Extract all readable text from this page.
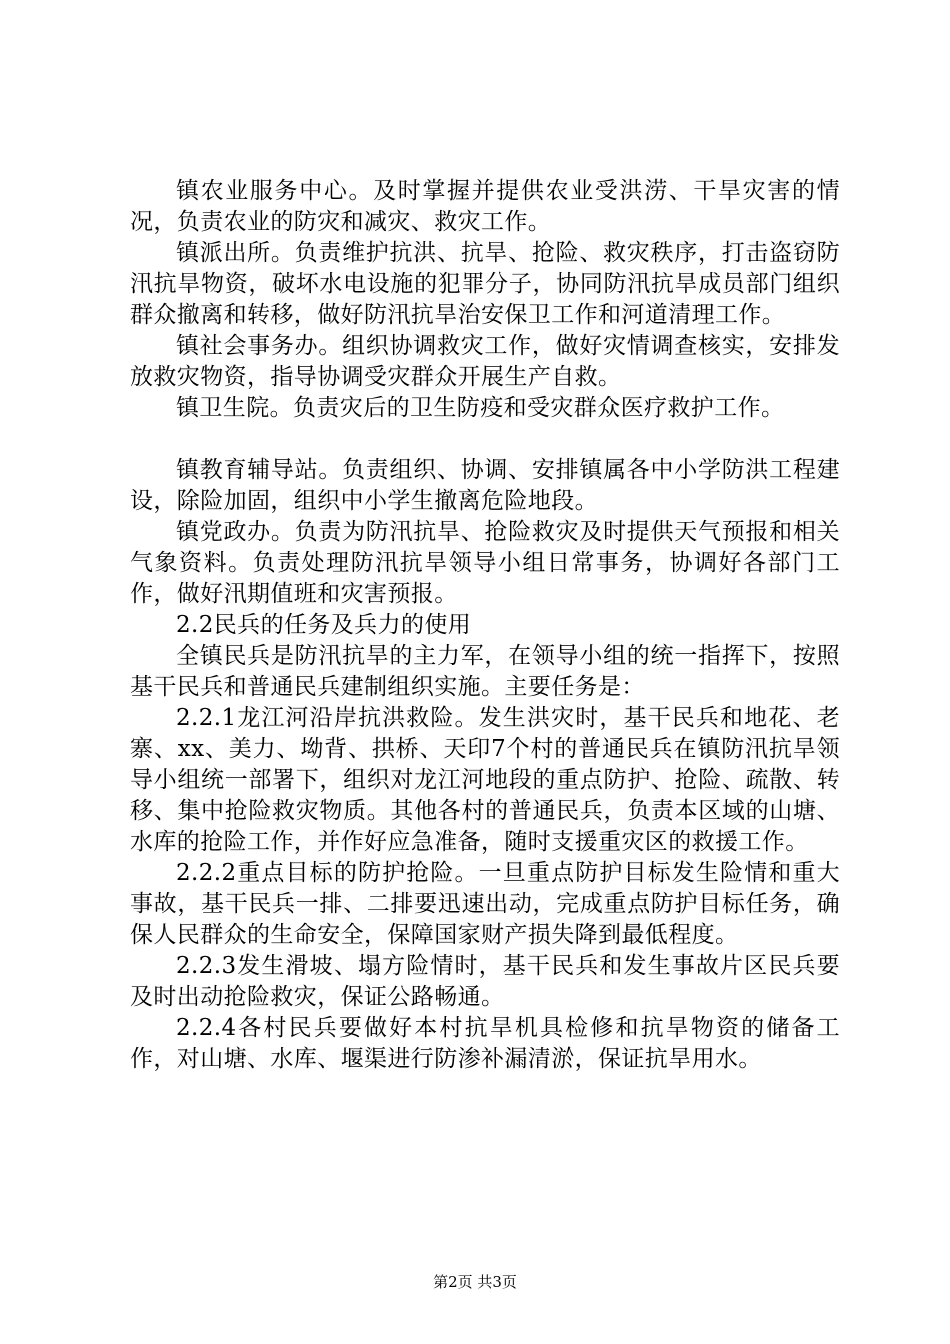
镇农业服务中心。及时掌握并提供农业受洪涝、干旱灾害的情况，负责农业的防灾和减灾、救灾工作。

镇派出所。负责维护抗洪、抗旱、抢险、救灾秩序，打击盗窃防汛抗旱物资，破坏水电设施的犯罪分子，协同防汛抗旱成员部门组织群众撤离和转移，做好防汛抗旱治安保卫工作和河道清理工作。

镇社会事务办。组织协调救灾工作，做好灾情调查核实，安排发放救灾物资，指导协调受灾群众开展生产自救。

镇卫生院。负责灾后的卫生防疫和受灾群众医疗救护工作。

镇教育辅导站。负责组织、协调、安排镇属各中小学防洪工程建设，除险加固，组织中小学生撤离危险地段。

镇党政办。负责为防汛抗旱、抢险救灾及时提供天气预报和相关气象资料。负责处理防汛抗旱领导小组日常事务，协调好各部门工作，做好汛期值班和灾害预报。

2.2民兵的任务及兵力的使用

全镇民兵是防汛抗旱的主力军，在领导小组的统一指挥下，按照基干民兵和普通民兵建制组织实施。主要任务是：

2.2.1龙江河沿岸抗洪救险。发生洪灾时，基干民兵和地花、老寨、xx、美力、坳背、拱桥、天印7个村的普通民兵在镇防汛抗旱领导小组统一部署下，组织对龙江河地段的重点防护、抢险、疏散、转移、集中抢险救灾物质。其他各村的普通民兵，负责本区域的山塘、水库的抢险工作，并作好应急准备，随时支援重灾区的救援工作。

2.2.2重点目标的防护抢险。一旦重点防护目标发生险情和重大事故，基干民兵一排、二排要迅速出动，完成重点防护目标任务，确保人民群众的生命安全，保障国家财产损失降到最低程度。

2.2.3发生滑坡、塌方险情时，基干民兵和发生事故片区民兵要及时出动抢险救灾，保证公路畅通。

2.2.4各村民兵要做好本村抗旱机具检修和抗旱物资的储备工作，对山塘、水库、堰渠进行防渗补漏清淤，保证抗旱用水。

第2页 共3页
